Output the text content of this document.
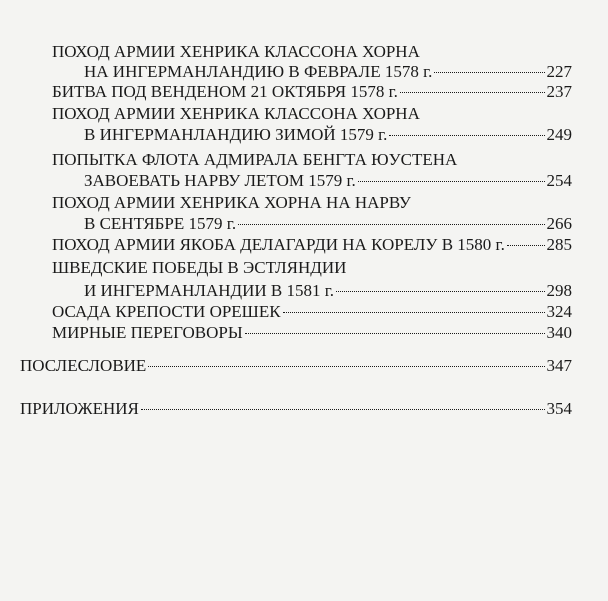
ПОХОД АРМИИ ХЕНРИКА КЛАССОНА ХОРНА
НА ИНГЕРМАНЛАНДИЮ В ФЕВРАЛЕ 1578 г.	227
БИТВА ПОД ВЕНДЕНОМ 21 ОКТЯБРЯ 1578 г.	237
ПОХОД АРМИИ ХЕНРИКА КЛАССОНА ХОРНА
В ИНГЕРМАНЛАНДИЮ ЗИМОЙ 1579 г.	249
ПОПЫТКА ФЛОТА АДМИРАЛА БЕНГТА ЮУСТЕНА
ЗАВОЕВАТЬ НАРВУ ЛЕТОМ 1579 г.	254
ПОХОД АРМИИ ХЕНРИКА ХОРНА НА НАРВУ
В СЕНТЯБРЕ 1579 г.	266
ПОХОД АРМИИ ЯКОБА ДЕЛАГАРДИ НА КОРЕЛУ В 1580 г. 285
ШВЕДСКИЕ ПОБЕДЫ В ЭСТЛЯНДИИ
И ИНГЕРМАНЛАНДИИ В 1581 г.	298
ОСАДА КРЕПОСТИ ОРЕШЕК	324
МИРНЫЕ ПЕРЕГОВОРЫ	340
ПОСЛЕСЛОВИЕ	347
ПРИЛОЖЕНИЯ	354
